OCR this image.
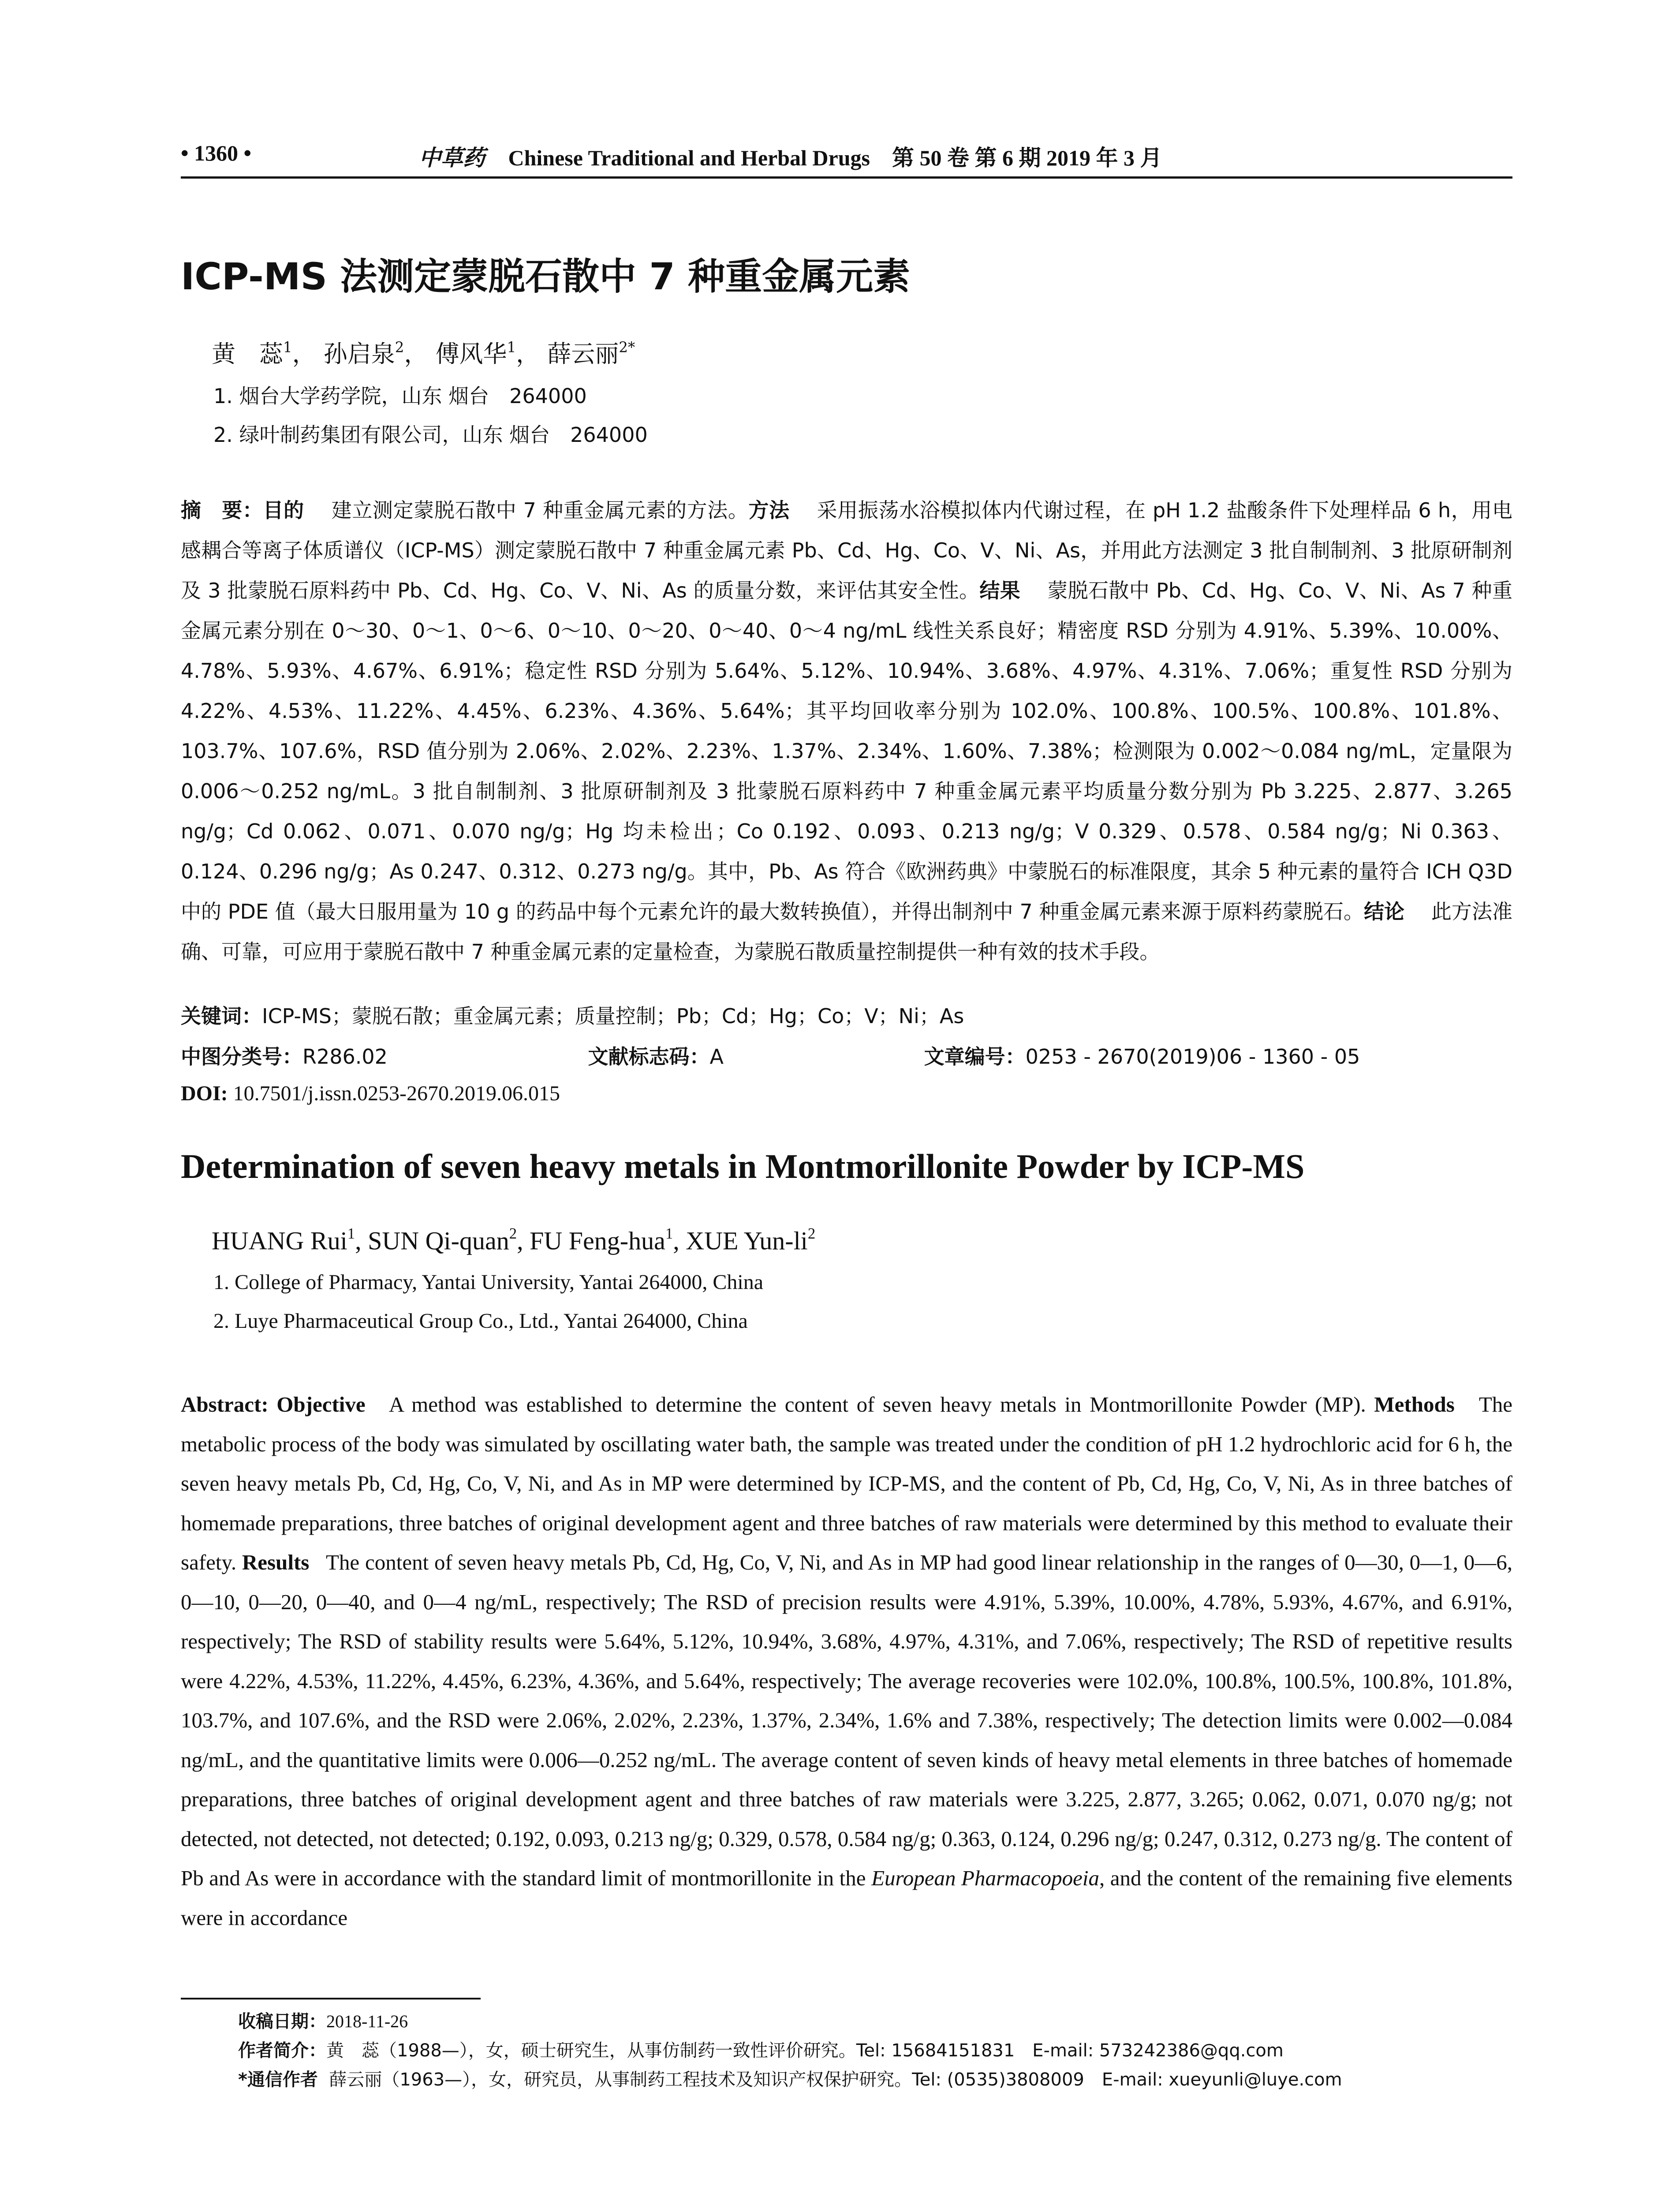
• 1360 •	中草药 Chinese Traditional and Herbal Drugs 第 50 卷 第 6 期 2019 年 3 月
ICP-MS 法测定蒙脱石散中 7 种重金属元素
黄　蕊$^1$， 孙启泉$^2$， 傅风华$^1$， 薛云丽$^{2*}$
1. 烟台大学药学院，山东 烟台　264000
2. 绿叶制药集团有限公司，山东 烟台　264000
摘　要：目的　 建立测定蒙脱石散中 7 种重金属元素的方法。方法　 采用振荡水浴模拟体内代谢过程，在 pH 1.2 盐酸条件下处理样品 6 h，用电感耦合等离子体质谱仪（ICP-MS）测定蒙脱石散中 7 种重金属元素 Pb、Cd、Hg、Co、V、Ni、As，并用此方法测定 3 批自制制剂、3 批原研制剂及 3 批蒙脱石原料药中 Pb、Cd、Hg、Co、V、Ni、As 的质量分数，来评估其安全性。结果　 蒙脱石散中 Pb、Cd、Hg、Co、V、Ni、As 7 种重金属元素分别在 0～30、0～1、0～6、0～10、0～20、0～40、0～4 ng/mL 线性关系良好；精密度 RSD 分别为 4.91%、5.39%、10.00%、4.78%、5.93%、4.67%、6.91%；稳定性 RSD 分别为 5.64%、5.12%、10.94%、3.68%、4.97%、4.31%、7.06%；重复性 RSD 分别为 4.22%、4.53%、11.22%、4.45%、6.23%、4.36%、5.64%；其平均回收率分别为 102.0%、100.8%、100.5%、100.8%、101.8%、103.7%、107.6%，RSD 值分别为 2.06%、2.02%、2.23%、1.37%、2.34%、1.60%、7.38%；检测限为 0.002～0.084 ng/mL，定量限为 0.006～0.252 ng/mL。3 批自制制剂、3 批原研制剂及 3 批蒙脱石原料药中 7 种重金属元素平均质量分数分别为 Pb 3.225、2.877、3.265 ng/g；Cd 0.062、0.071、0.070 ng/g；Hg 均未检出；Co 0.192、0.093、0.213 ng/g；V 0.329、0.578、0.584 ng/g；Ni 0.363、0.124、0.296 ng/g；As 0.247、0.312、0.273 ng/g。其中，Pb、As 符合《欧洲药典》中蒙脱石的标准限度，其余 5 种元素的量符合 ICH Q3D 中的 PDE 值（最大日服用量为 10 g 的药品中每个元素允许的最大数转换值），并得出制剂中 7 种重金属元素来源于原料药蒙脱石。结论　 此方法准确、可靠，可应用于蒙脱石散中 7 种重金属元素的定量检查，为蒙脱石散质量控制提供一种有效的技术手段。
关键词：ICP-MS；蒙脱石散；重金属元素；质量控制；Pb；Cd；Hg；Co；V；Ni；As
中图分类号：R286.02	文献标志码：A	文章编号：0253 - 2670(2019)06 - 1360 - 05
DOI: 10.7501/j.issn.0253-2670.2019.06.015
Determination of seven heavy metals in Montmorillonite Powder by ICP-MS
HUANG Rui$^1$, SUN Qi-quan$^2$, FU Feng-hua$^1$, XUE Yun-$li^2$
1. College of Pharmacy, Yantai University, Yantai 264000, China
2. Luye Pharmaceutical Group Co., Ltd., Yantai 264000, China
Abstract: Objective A method was established to determine the content of seven heavy metals in Montmorillonite Powder (MP). Methods The metabolic process of the body was simulated by oscillating water bath, the sample was treated under the condition of pH 1.2 hydrochloric acid for 6 h, the seven heavy metals Pb, Cd, Hg, Co, V, Ni, and As in MP were determined by ICP-MS, and the content of Pb, Cd, Hg, Co, V, Ni, As in three batches of homemade preparations, three batches of original development agent and three batches of raw materials were determined by this method to evaluate their safety. Results The content of seven heavy metals Pb, Cd, Hg, Co, V, Ni, and As in MP had good linear relationship in the ranges of 0—30, 0—1, 0—6, 0—10, 0—20, 0—40, and 0—4 ng/mL, respectively; The RSD of precision results were 4.91%, 5.39%, 10.00%, 4.78%, 5.93%, 4.67%, and 6.91%, respectively; The RSD of stability results were 5.64%, 5.12%, 10.94%, 3.68%, 4.97%, 4.31%, and 7.06%, respectively; The RSD of repetitive results were 4.22%, 4.53%, 11.22%, 4.45%, 6.23%, 4.36%, and 5.64%, respectively; The average recoveries were 102.0%, 100.8%, 100.5%, 100.8%, 101.8%, 103.7%, and 107.6%, and the RSD were 2.06%, 2.02%, 2.23%, 1.37%, 2.34%, 1.6% and 7.38%, respectively; The detection limits were 0.002—0.084 ng/mL, and the quantitative limits were 0.006—0.252 ng/mL. The average content of seven kinds of heavy metal elements in three batches of homemade preparations, three batches of original development agent and three batches of raw materials were 3.225, 2.877, 3.265; 0.062, 0.071, 0.070 ng/g; not detected, not detected, not detected; 0.192, 0.093, 0.213 ng/g; 0.329, 0.578, 0.584 ng/g; 0.363, 0.124, 0.296 ng/g; 0.247, 0.312, 0.273 ng/g. The content of Pb and As were in accordance with the standard limit of montmorillonite in the European Pharmacopoeia, and the content of the remaining five elements were in accordance
收稿日期：2018-11-26
作者简介：黄　蕊（1988—），女，硕士研究生，从事仿制药一致性评价研究。Tel: 15684151831　E-mail: 573242386@qq.com
*通信作者 薛云丽（1963—），女，研究员，从事制药工程技术及知识产权保护研究。Tel: (0535)3808009　E-mail: xueyunli@luye.com
